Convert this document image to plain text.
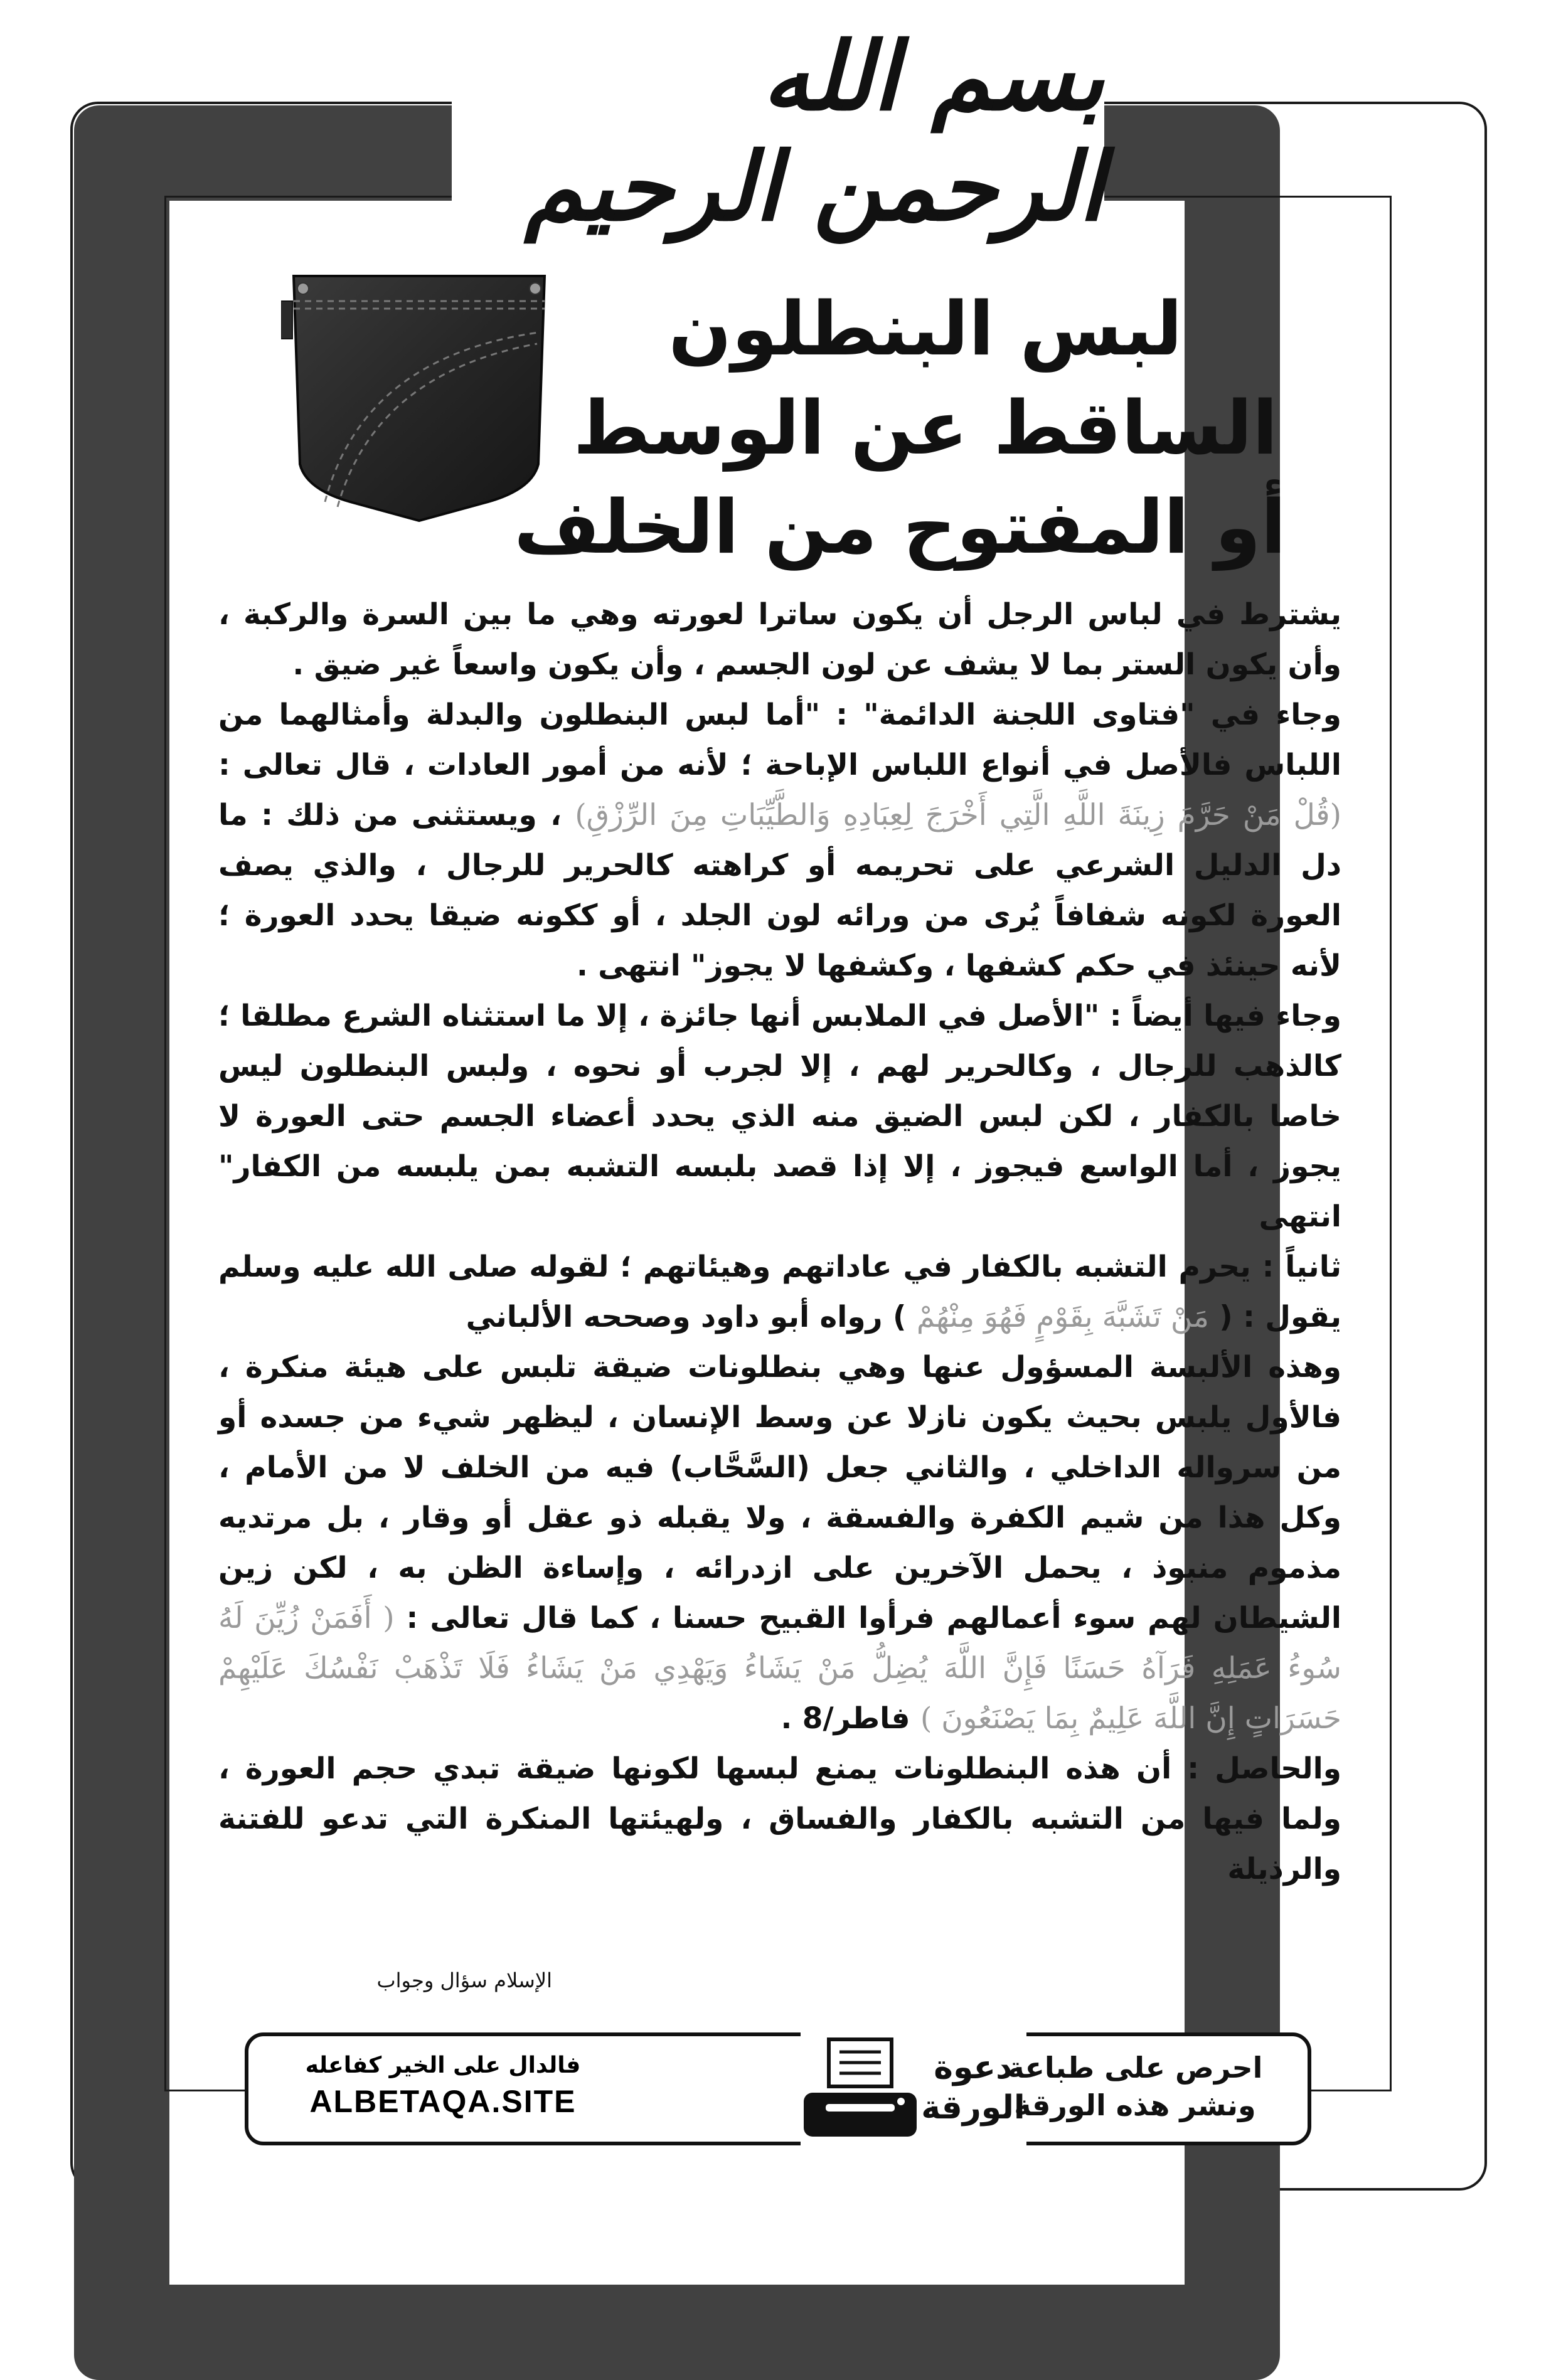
بسم الله الرحمن الرحيم
لبس البنطلون
الساقط عن الوسط
أو المفتوح من الخلف

يشترط في لباس الرجل أن يكون ساترا لعورته وهي ما بين السرة والركبة ، وأن يكون الستر بما لا يشف عن لون الجسم ، وأن يكون واسعاً غير ضيق .

وجاء في "فتاوى اللجنة الدائمة" : "أما لبس البنطلون والبدلة وأمثالهما من اللباس فالأصل في أنواع اللباس الإباحة ؛ لأنه من أمور العادات ، قال تعالى :(قُلْ مَنْ حَرَّمَ زِينَةَ اللَّهِ الَّتِي أَخْرَجَ لِعِبَادِهِ وَالطَّيِّبَاتِ مِنَ الرِّزْقِ) ، ويستثنى من ذلك : ما دل الدليل الشرعي على تحريمه أو كراهته كالحرير للرجال ، والذي يصف العورة لكونه شفافاً يُرى من ورائه لون الجلد ، أو ككونه ضيقا يحدد العورة ؛ لأنه حينئذ في حكم كشفها ، وكشفها لا يجوز" انتهى .

وجاء فيها أيضاً : "الأصل في الملابس أنها جائزة ، إلا ما استثناه الشرع مطلقا ؛ كالذهب للرجال ، وكالحرير لهم ، إلا لجرب أو نحوه ، ولبس البنطلون ليس خاصا بالكفار ، لكن لبس الضيق منه الذي يحدد أعضاء الجسم حتى العورة لا يجوز ، أما الواسع فيجوز ، إلا إذا قصد بلبسه التشبه بمن يلبسه من الكفار" انتهى

ثانياً : يحرم التشبه بالكفار في عاداتهم وهيئاتهم ؛ لقوله صلى الله عليه وسلم يقول : ( مَنْ تَشَبَّهَ بِقَوْمٍ فَهُوَ مِنْهُمْ ) رواه أبو داود وصححه الألباني

وهذه الألبسة المسؤول عنها وهي بنطلونات ضيقة تلبس على هيئة منكرة ، فالأول يلبس بحيث يكون نازلا عن وسط الإنسان ، ليظهر شيء من جسده أو من سرواله الداخلي ، والثاني جعل (السَّحَّاب) فيه من الخلف لا من الأمام ، وكل هذا من شيم الكفرة والفسقة ، ولا يقبله ذو عقل أو وقار ، بل مرتديه مذموم منبوذ ، يحمل الآخرين على ازدرائه ، وإساءة الظن به ، لكن زين الشيطان لهم سوء أعمالهم فرأوا القبيح حسنا ، كما قال تعالى : ( أَفَمَنْ زُيِّنَ لَهُ سُوءُ عَمَلِهِ فَرَآهُ حَسَنًا فَإِنَّ اللَّهَ يُضِلُّ مَنْ يَشَاءُ وَيَهْدِي مَنْ يَشَاءُ فَلَا تَذْهَبْ نَفْسُكَ عَلَيْهِمْ حَسَرَاتٍ إِنَّ اللَّهَ عَلِيمٌ بِمَا يَصْنَعُونَ ) فاطر/8 .

والحاصل : أن هذه البنطلونات يمنع لبسها لكونها ضيقة تبدي حجم العورة ، ولما فيها من التشبه بالكفار والفساق ، ولهيئتها المنكرة التي تدعو للفتنة والرذيلة

الإسلام سؤال وجواب
فالدال على الخير كفاعله
ALBETAQA.SITE
دعوة
الورقة
احرص على طباعة
ونشر هذه الورقة
